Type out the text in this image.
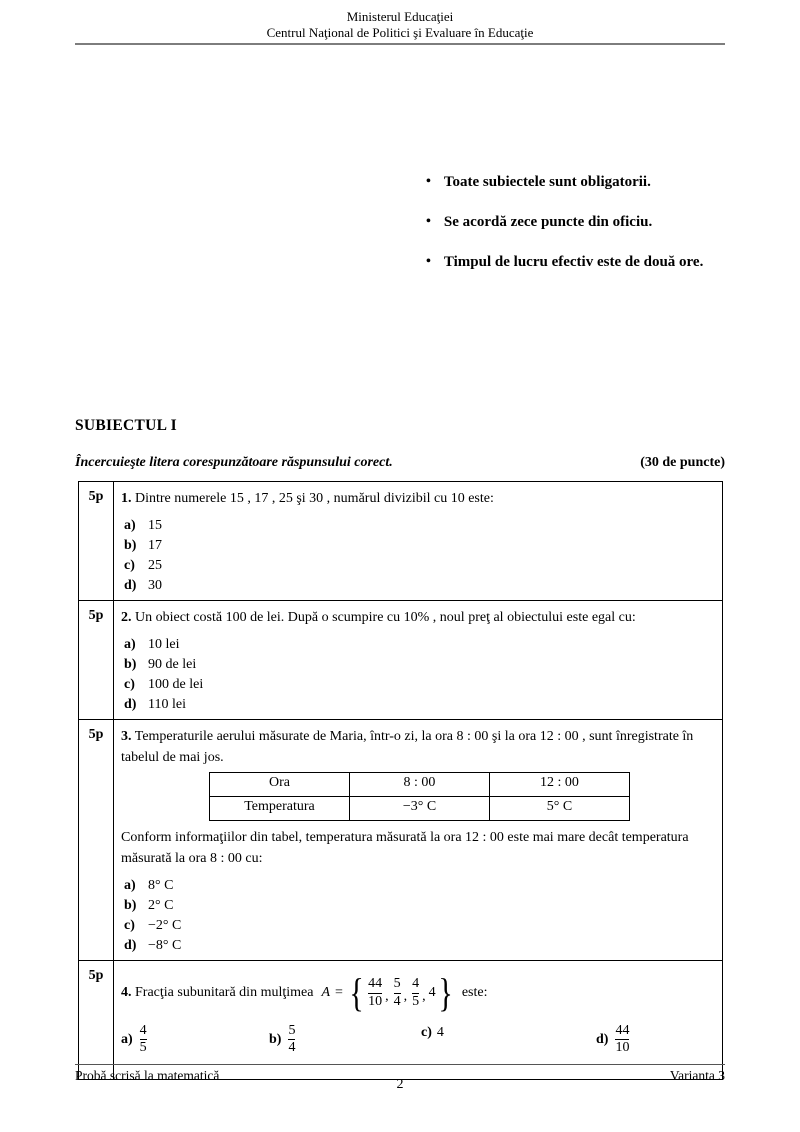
Ministerul Educaţiei
Centrul Naţional de Politici şi Evaluare în Educaţie
• Toate subiectele sunt obligatorii.
• Se acordă zece puncte din oficiu.
• Timpul de lucru efectiv este de două ore.
SUBIECTUL I
Încercuieşte litera corespunzătoare răspunsului corect.	(30 de puncte)
5p	1. Dintre numerele 15 , 17 , 25 şi 30 , numărul divizibil cu 10 este:
a) 15
b) 17
c) 25
d) 30

5p	2. Un obiect costă 100 de lei. După o scumpire cu 10% , noul preţ al obiectului este egal cu:
a) 10 lei
b) 90 de lei
c) 100 de lei
d) 110 lei

5p	3. Temperaturile aerului măsurate de Maria, într-o zi, la ora 8 : 00 şi la ora 12 : 00 , sunt înregistrate în tabelul de mai jos.
Ora	8 : 00	12 : 00
Temperatura	−3° C	5° C
Conform informaţiilor din tabel, temperatura măsurată la ora 12 : 00 este mai mare decât temperatura măsurată la ora 8 : 00 cu:
a) 8° C
b) 2° C
c) −2° C
d) −8° C

5p	
4. Fracţia subunitară din mulţimea A = { $\frac{44}{10}$ , $\frac{5}{4}$ , $\frac{4}{5}$ , 4 } este:
$a) \frac{4}{5}$	$b) \frac{5}{4}$	c) 4	$d) \frac{44}{10}$
Probă scrisă la matematică	Varianta 3
2
